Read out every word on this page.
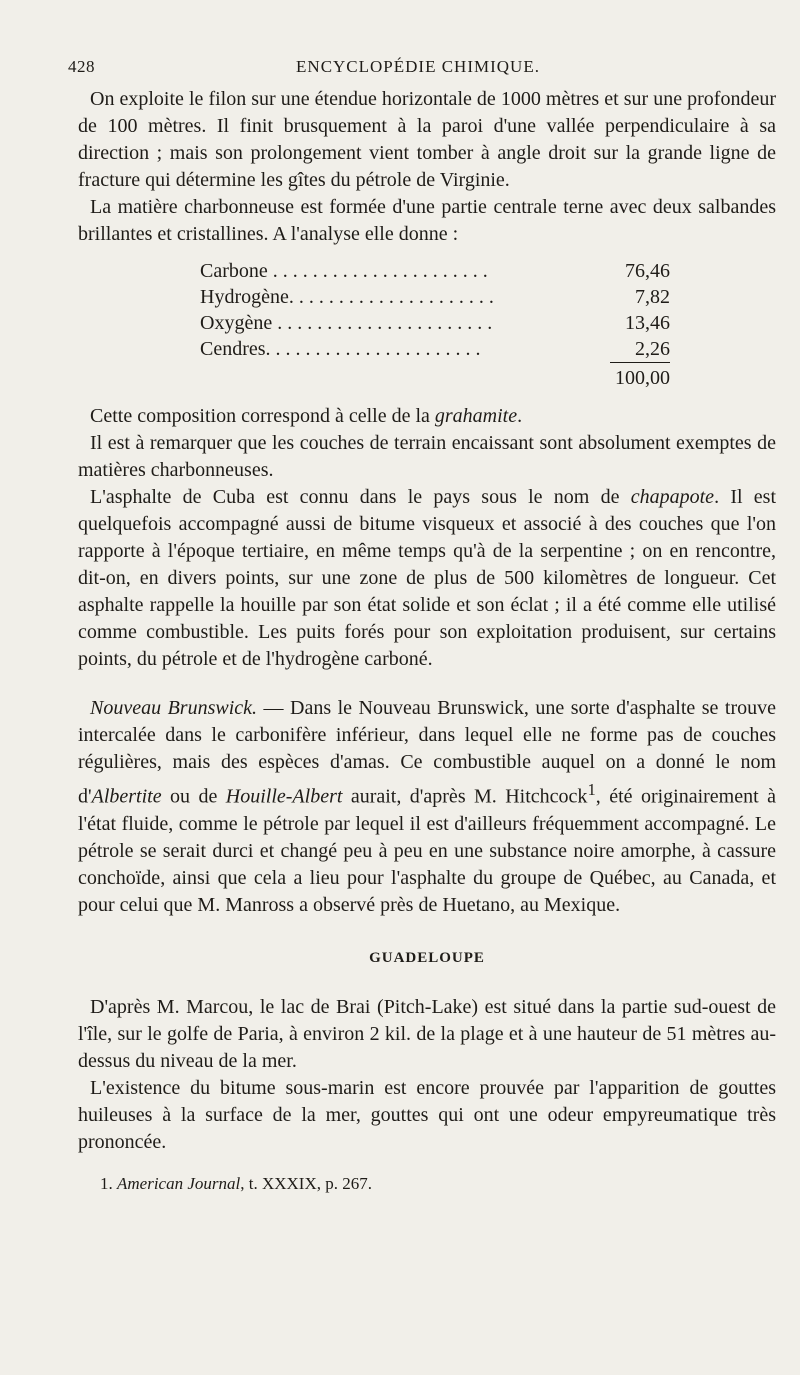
428	ENCYCLOPÉDIE CHIMIQUE.

On exploite le filon sur une étendue horizontale de 1000 mètres et sur une profondeur de 100 mètres. Il finit brusquement à la paroi d'une vallée perpendiculaire à sa direction ; mais son prolongement vient tomber à angle droit sur la grande ligne de fracture qui détermine les gîtes du pétrole de Virginie.

La matière charbonneuse est formée d'une partie centrale terne avec deux salbandes brillantes et cristallines. A l'analyse elle donne :

Carbone . . . . . . . . . . . . . . . . . . . . . .	76,46
Hydrogène. . . . . . . . . . . . . . . . . . . . .	7,82
Oxygène . . . . . . . . . . . . . . . . . . . . . .	13,46
Cendres. . . . . . . . . . . . . . . . . . . . . .	2,26
	100,00

Cette composition correspond à celle de la grahamite.

Il est à remarquer que les couches de terrain encaissant sont absolument exemptes de matières charbonneuses.

L'asphalte de Cuba est connu dans le pays sous le nom de chapapote. Il est quelquefois accompagné aussi de bitume visqueux et associé à des couches que l'on rapporte à l'époque tertiaire, en même temps qu'à de la serpentine ; on en rencontre, dit-on, en divers points, sur une zone de plus de 500 kilomètres de longueur. Cet asphalte rappelle la houille par son état solide et son éclat ; il a été comme elle utilisé comme combustible. Les puits forés pour son exploitation produisent, sur certains points, du pétrole et de l'hydrogène carboné.

Nouveau Brunswick. — Dans le Nouveau Brunswick, une sorte d'asphalte se trouve intercalée dans le carbonifère inférieur, dans lequel elle ne forme pas de couches régulières, mais des espèces d'amas. Ce combustible auquel on a donné le nom d'Albertite ou de Houille-Albert aurait, d'après M. Hitchcock$^1$, été originairement à l'état fluide, comme le pétrole par lequel il est d'ailleurs fréquemment accompagné. Le pétrole se serait durci et changé peu à peu en une substance noire amorphe, à cassure conchoïde, ainsi que cela a lieu pour l'asphalte du groupe de Québec, au Canada, et pour celui que M. Manross a observé près de Huetano, au Mexique.

GUADELOUPE

D'après M. Marcou, le lac de Brai (Pitch-Lake) est situé dans la partie sud-ouest de l'île, sur le golfe de Paria, à environ 2 kil. de la plage et à une hauteur de 51 mètres au-dessus du niveau de la mer.

L'existence du bitume sous-marin est encore prouvée par l'apparition de gouttes huileuses à la surface de la mer, gouttes qui ont une odeur empyreumatique très prononcée.

1. American Journal, t. XXXIX, p. 267.
